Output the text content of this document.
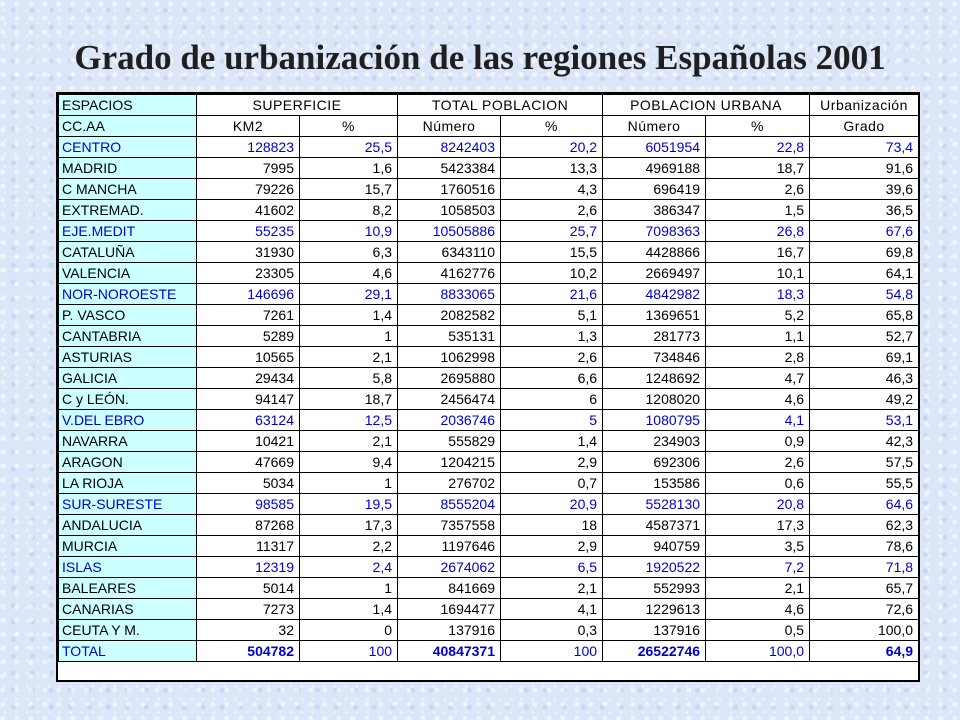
Grado de urbanización de las regiones Españolas 2001
ESPACIOS	SUPERFICIE		TOTAL POBLACION		POBLACION URBANA		Urbanización
CC.AA	KM2	%	Número	%	Número	%	Grado
CENTRO	128823	25,5	8242403	20,2	6051954	22,8	73,4
MADRID	7995	1,6	5423384	13,3	4969188	18,7	91,6
C MANCHA	79226	15,7	1760516	4,3	696419	2,6	39,6
EXTREMAD.	41602	8,2	1058503	2,6	386347	1,5	36,5
EJE.MEDIT	55235	10,9	10505886	25,7	7098363	26,8	67,6
CATALUÑA	31930	6,3	6343110	15,5	4428866	16,7	69,8
VALENCIA	23305	4,6	4162776	10,2	2669497	10,1	64,1
NOR-NOROESTE	146696	29,1	8833065	21,6	4842982	18,3	54,8
P. VASCO	7261	1,4	2082582	5,1	1369651	5,2	65,8
CANTABRIA	5289	1	535131	1,3	281773	1,1	52,7
ASTURIAS	10565	2,1	1062998	2,6	734846	2,8	69,1
GALICIA	29434	5,8	2695880	6,6	1248692	4,7	46,3
C y LEÓN.	94147	18,7	2456474	6	1208020	4,6	49,2
V.DEL EBRO	63124	12,5	2036746	5	1080795	4,1	53,1
NAVARRA	10421	2,1	555829	1,4	234903	0,9	42,3
ARAGON	47669	9,4	1204215	2,9	692306	2,6	57,5
LA RIOJA	5034	1	276702	0,7	153586	0,6	55,5
SUR-SURESTE	98585	19,5	8555204	20,9	5528130	20,8	64,6
ANDALUCIA	87268	17,3	7357558	18	4587371	17,3	62,3
MURCIA	11317	2,2	1197646	2,9	940759	3,5	78,6
ISLAS	12319	2,4	2674062	6,5	1920522	7,2	71,8
BALEARES	5014	1	841669	2,1	552993	2,1	65,7
CANARIAS	7273	1,4	1694477	4,1	1229613	4,6	72,6
CEUTA Y M.	32	0	137916	0,3	137916	0,5	100,0
TOTAL	504782	100	40847371	100	26522746	100,0	64,9
